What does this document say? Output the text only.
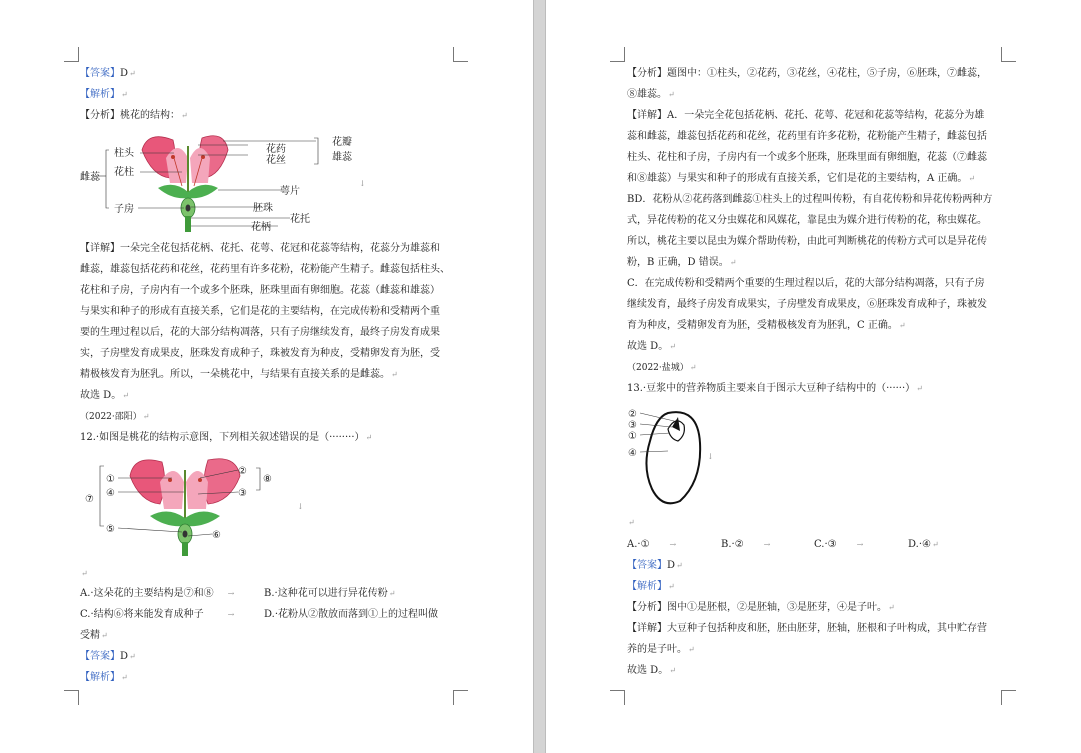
【答案】D↵
【解析】↵
【分析】桃花的结构：↵
柱头
花柱
雌蕊
子房
花药
花丝
花瓣
雄蕊
萼片
胚珠
花托
花柄
↓
【详解】一朵完全花包括花柄、花托、花萼、花冠和花蕊等结构，花蕊分为雄蕊和
雌蕊，雄蕊包括花药和花丝，花药里有许多花粉，花粉能产生精子。雌蕊包括柱头、
花柱和子房，子房内有一个或多个胚珠，胚珠里面有卵细胞。花蕊（雌蕊和雄蕊）
与果实和种子的形成有直接关系，它们是花的主要结构，在完成传粉和受精两个重
要的生理过程以后，花的大部分结构凋落，只有子房继续发育，最终子房发育成果
实，子房壁发育成果皮，胚珠发育成种子，珠被发育为种皮，受精卵发育为胚，受
精极核发育为胚乳。所以，一朵桃花中，与结果有直接关系的是雌蕊。↵
故选 D。↵
（2022·邵阳）↵
12.·如图是桃花的结构示意图，下列相关叙述错误的是（········）↵
①
④
⑦
⑤
②
③
⑧
⑥
↓
↵
A.·这朵花的主要结构是⑦和⑧ →	B.·这种花可以进行异花传粉↵
C.·结构⑥将来能发育成种子	→	D.·花粉从②散放而落到①上的过程叫做
受精↵
【答案】D↵
【解析】↵
【分析】题图中：①柱头，②花药，③花丝，④花柱，⑤子房，⑥胚珠，⑦雌蕊，
⑧雄蕊。↵
【详解】A．一朵完全花包括花柄、花托、花萼、花冠和花蕊等结构，花蕊分为雄
蕊和雌蕊，雄蕊包括花药和花丝，花药里有许多花粉，花粉能产生精子，雌蕊包括
柱头、花柱和子房，子房内有一个或多个胚珠，胚珠里面有卵细胞，花蕊（⑦雌蕊
和⑧雄蕊）与果实和种子的形成有直接关系，它们是花的主要结构，A 正确。↵
BD．花粉从②花药落到雌蕊①柱头上的过程叫传粉，有自花传粉和异花传粉两种方
式，异花传粉的花又分虫媒花和风媒花，靠昆虫为媒介进行传粉的花，称虫媒花。
所以，桃花主要以昆虫为媒介帮助传粉，由此可判断桃花的传粉方式可以是异花传
粉，B 正确，D 错误。↵
C．在完成传粉和受精两个重要的生理过程以后，花的大部分结构凋落，只有子房
继续发育，最终子房发育成果实，子房壁发育成果皮，⑥胚珠发育成种子，珠被发
育为种皮，受精卵发育为胚，受精极核发育为胚乳，C 正确。↵
故选 D。↵
（2022·盐城）↵
13.·豆浆中的营养物质主要来自于图示大豆种子结构中的（······）↵
②
③
①
④	↓
↵
A.·①	→	B.·②	→	C.·③	→	D.·④↵
【答案】D↵
【解析】↵
【分析】图中①是胚根，②是胚轴，③是胚芽，④是子叶。↵
【详解】大豆种子包括种皮和胚，胚由胚芽，胚轴，胚根和子叶构成，其中贮存营
养的是子叶。↵
故选 D。↵
